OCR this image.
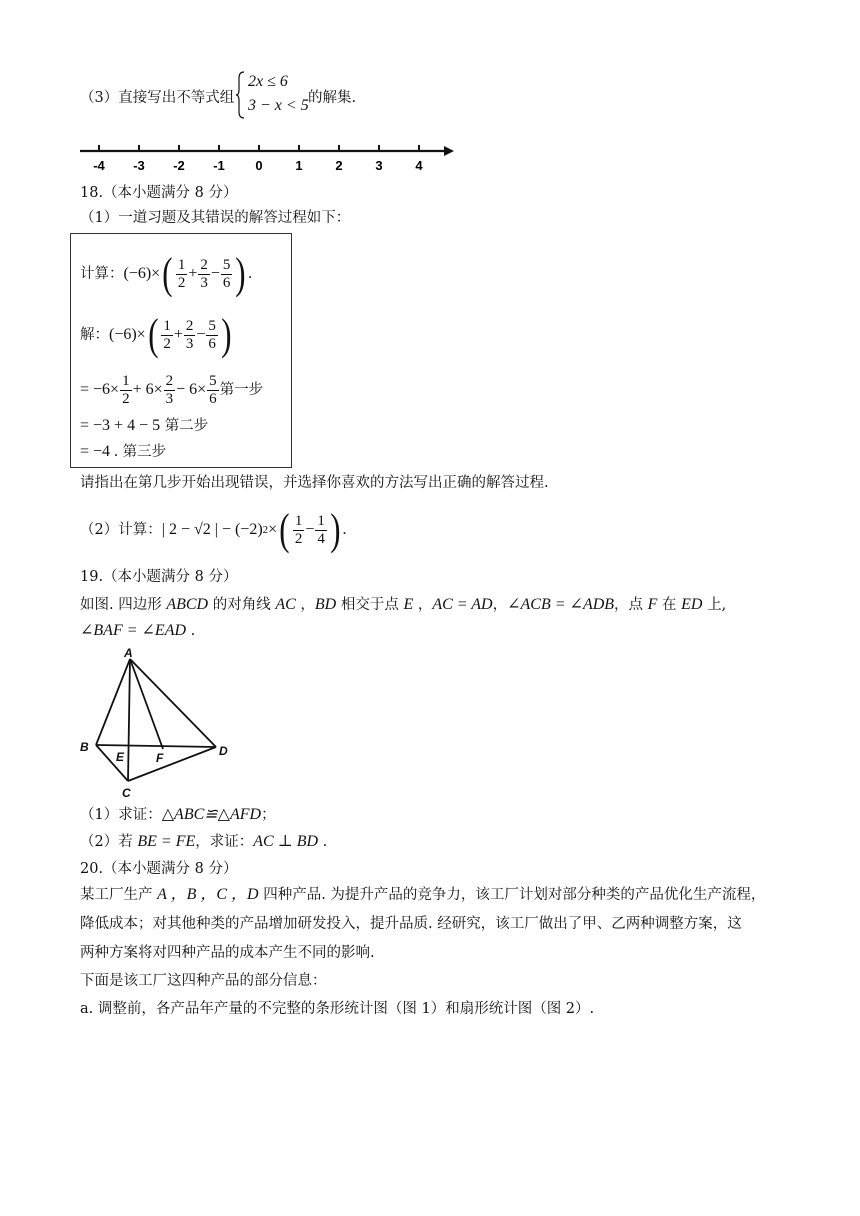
（3）直接写出不等式组
2x ≤ 6
3 − x < 5 的解集.
-4 -3 -2 -1 0	1	2	3	4
18.（本小题满分 8 分）
（1）一道习题及其错误的解答过程如下：
计算： (−6)× ( $\frac{1}{2} + \frac{2}{3} - \frac{5}{6}$ ) .
解： (−6)× ( $\frac{1}{2} + \frac{2}{3} - \frac{5}{6}$ )
= $-6\times \frac{1}{2} + 6\times \frac{2}{3} - 6\times \frac{5}{6}$ 第一步
= −3 + 4 − 5 第二步
= −4 . 第三步
请指出在第几步开始出现错误，并选择你喜欢的方法写出正确的解答过程.
（2）计算： | 2 − √2 | − (−2) 2 × ( $\frac{1}{2} - \frac{1}{4}$ ) .
19.（本小题满分 8 分）
如图. 四边形 ABCD 的对角线 AC ，BD 相交于点 E ，AC = AD，∠ACB = ∠ADB，点 F 在 ED 上,
∠BAF = ∠EAD .
A
B
E	F	D
C
（1）求证：△ABC≌△AFD；
（2）若 BE = FE，求证：AC ⊥ BD .
20.（本小题满分 8 分）
某工厂生产 A ，B ，C ，D 四种产品. 为提升产品的竞争力，该工厂计划对部分种类的产品优化生产流程，
降低成本；对其他种类的产品增加研发投入，提升品质. 经研究，该工厂做出了甲、乙两种调整方案，这
两种方案将对四种产品的成本产生不同的影响.
下面是该工厂这四种产品的部分信息：
a. 调整前，各产品年产量的不完整的条形统计图（图 1）和扇形统计图（图 2）.
